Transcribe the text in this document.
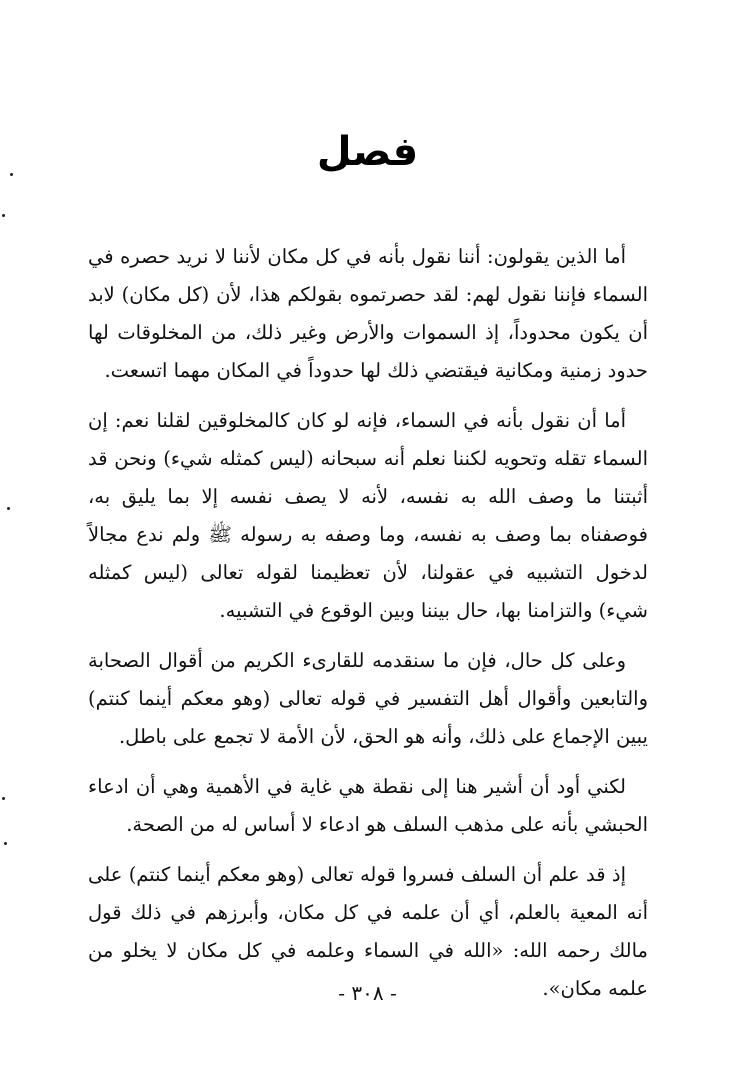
فصل

أما الذين يقولون: أننا نقول بأنه في كل مكان لأننا لا نريد حصره في السماء فإننا نقول لهم: لقد حصرتموه بقولكم هذا، لأن (كل مكان) لابد أن يكون محدوداً، إذ السموات والأرض وغير ذلك، من المخلوقات لها حدود زمنية ومكانية فيقتضي ذلك لها حدوداً في المكان مهما اتسعت.

أما أن نقول بأنه في السماء، فإنه لو كان كالمخلوقين لقلنا نعم: إن السماء تقله وتحويه لكننا نعلم أنه سبحانه (ليس كمثله شيء) ونحن قد أثبتنا ما وصف الله به نفسه، لأنه لا يصف نفسه إلا بما يليق به، فوصفناه بما وصف به نفسه، وما وصفه به رسوله ﷺ ولم ندع مجالاً لدخول التشبيه في عقولنا، لأن تعظيمنا لقوله تعالى (ليس كمثله شيء) والتزامنا بها، حال بيننا وبين الوقوع في التشبيه.

وعلى كل حال، فإن ما سنقدمه للقارىء الكريم من أقوال الصحابة والتابعين وأقوال أهل التفسير في قوله تعالى (وهو معكم أينما كنتم) يبين الإجماع على ذلك، وأنه هو الحق، لأن الأمة لا تجمع على باطل.

لكني أود أن أشير هنا إلى نقطة هي غاية في الأهمية وهي أن ادعاء الحبشي بأنه على مذهب السلف هو ادعاء لا أساس له من الصحة.

إذ قد علم أن السلف فسروا قوله تعالى (وهو معكم أينما كنتم) على أنه المعية بالعلم، أي أن علمه في كل مكان، وأبرزهم في ذلك قول مالك رحمه الله: «الله في السماء وعلمه في كل مكان لا يخلو من علمه مكان».

- ٣٠٨ -
